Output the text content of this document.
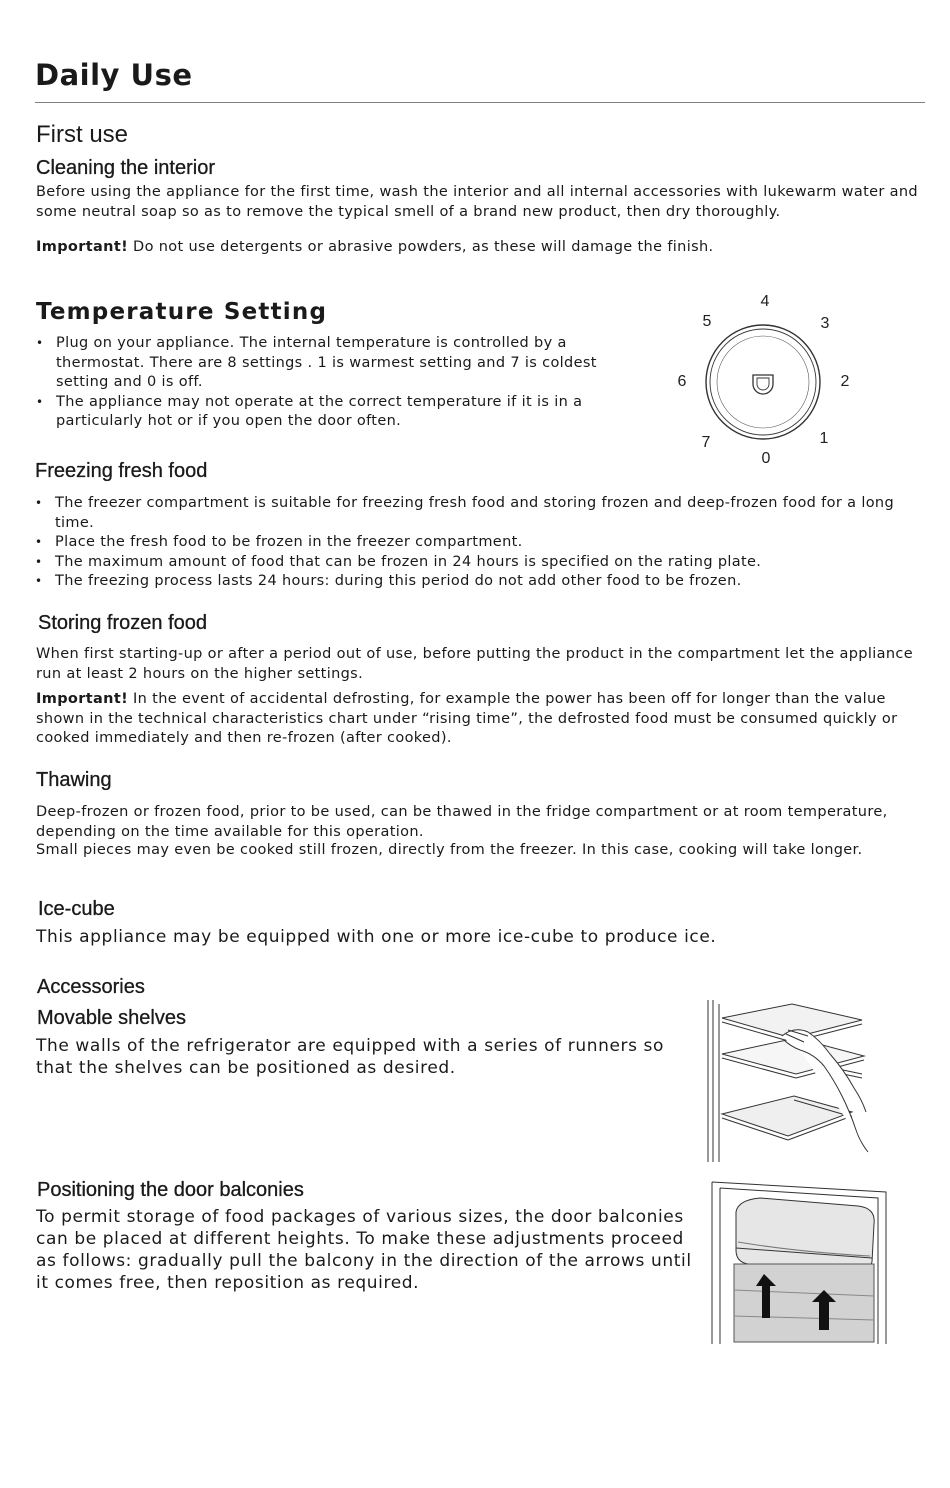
Daily Use
First use
Cleaning the interior

Before using the appliance for the first time, wash the interior and all internal accessories with lukewarm water and some neutral soap so as to remove the typical smell of a brand new product, then dry thoroughly.

Important! Do not use detergents or abrasive powders, as these will damage the finish.

Temperature Setting
• Plug on your appliance. The internal temperature is controlled by a thermostat. There are 8 settings . 1 is warmest setting and 7 is coldest setting and 0 is off.
• The appliance may not operate at the correct temperature if it is in a particularly hot or if you open the door often.
4
5	3
6	2
7	1
0
Freezing fresh food
• The freezer compartment is suitable for freezing fresh food and storing frozen and deep-frozen food for a long time.
• Place the fresh food to be frozen in the freezer compartment.
• The maximum amount of food that can be frozen in 24 hours is specified on the rating plate.
• The freezing process lasts 24 hours: during this period do not add other food to be frozen.
Storing frozen food

When first starting-up or after a period out of use, before putting the product in the compartment let the appliance run at least 2 hours on the higher settings.

Important! In the event of accidental defrosting, for example the power has been off for longer than the value shown in the technical characteristics chart under “rising time”, the defrosted food must be consumed quickly or cooked immediately and then re-frozen (after cooked).

Thawing

Deep-frozen or frozen food, prior to be used, can be thawed in the fridge compartment or at room temperature, depending on the time available for this operation.

Small pieces may even be cooked still frozen, directly from the freezer. In this case, cooking will take longer.

Ice-cube

This appliance may be equipped with one or more ice-cube to produce ice.

Accessories
Movable shelves

The walls of the refrigerator are equipped with a series of runners so that the shelves can be positioned as desired.

Positioning the door balconies

To permit storage of food packages of various sizes, the door balconies can be placed at different heights. To make these adjustments proceed as follows: gradually pull the balcony in the direction of the arrows until it comes free, then reposition as required.
